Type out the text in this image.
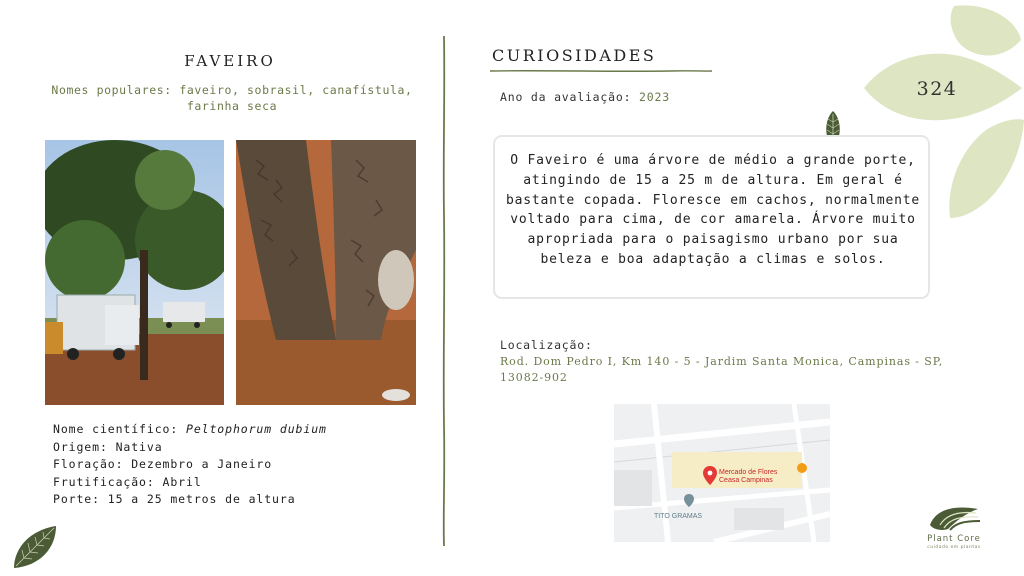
FAVEIRO
Nomes populares: faveiro, sobrasil, canafístula, farinha seca
Nome científico: Peltophorum dubium
Origem: Nativa
Floração: Dezembro a Janeiro
Frutificação: Abril
Porte: 15 a 25 metros de altura
CURIOSIDADES
Ano da avaliação: 2023
O Faveiro é uma árvore de médio a grande porte, atingindo de 15 a 25 m de altura. Em geral é bastante copada. Floresce em cachos, normalmente voltado para cima, de cor amarela. Árvore muito apropriada para o paisagismo urbano por sua beleza e boa adaptação a climas e solos.
Localização:
Rod. Dom Pedro I, Km 140 - 5 - Jardim Santa Monica, Campinas - SP, 13082-902
Mercado de Flores
Ceasa Campinas
TITO GRAMAS
324
Plant Core
cuidado em plantas
